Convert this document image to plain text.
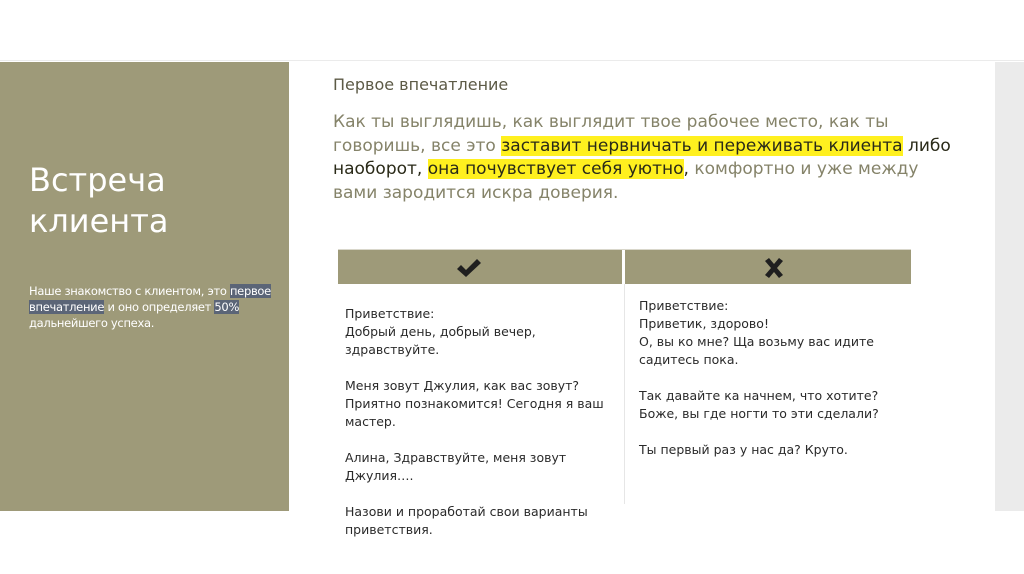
Встреча клиента
Наше знакомство с клиентом, это первое впечатление и оно определяет 50% дальнейшего успеха.
Первое впечатление
Как ты выглядишь, как выглядит твое рабочее место, как ты говоришь, все это заставит нервничать и переживать клиента либо наоборот, она почувствует себя уютно, комфортно и уже между вами зародится искра доверия.

Приветствие:

Добрый день, добрый вечер, здравствуйте.

Меня зовут Джулия, как вас зовут? Приятно познакомится! Сегодня я ваш мастер.

Алина, Здравствуйте, меня зовут Джулия….

Назови и проработай свои варианты приветствия.

Приветствие:

Приветик, здорово!

О, вы ко мне? Ща возьму вас идите садитесь пока.

Так давайте ка начнем, что хотите? Боже, вы где ногти то эти сделали?

Ты первый раз у нас да? Круто.
